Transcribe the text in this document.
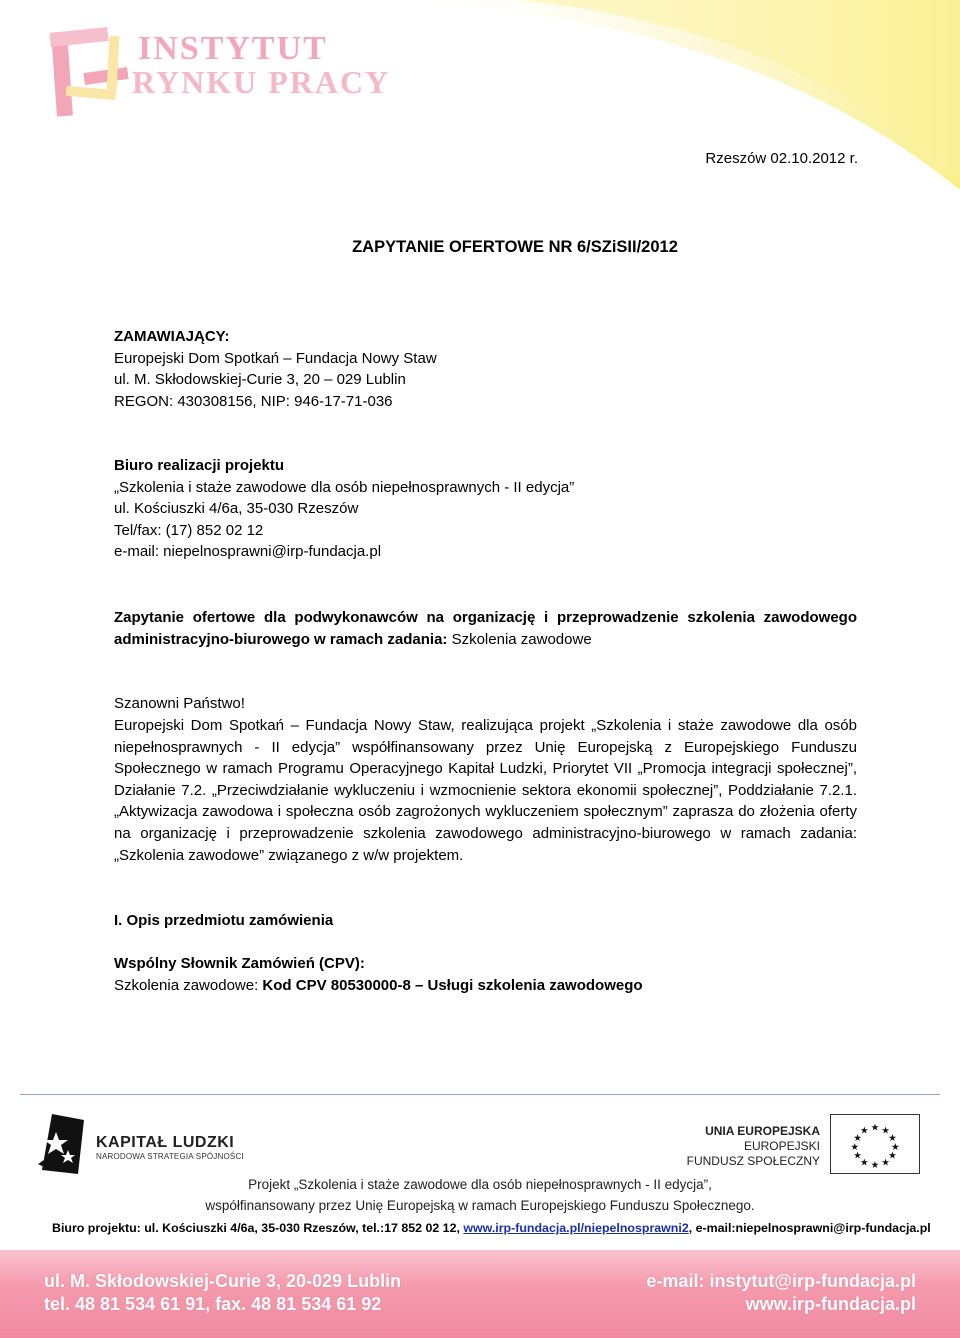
INSTYTUT
RYNKU PRACY
Rzeszów 02.10.2012 r.
ZAPYTANIE OFERTOWE NR 6/SZiSII/2012
ZAMAWIAJĄCY:
Europejski Dom Spotkań – Fundacja Nowy Staw
ul. M. Skłodowskiej-Curie 3, 20 – 029 Lublin
REGON: 430308156, NIP: 946-17-71-036
Biuro realizacji projektu
„Szkolenia i staże zawodowe dla osób niepełnosprawnych - II edycja”
ul. Kościuszki 4/6a, 35-030 Rzeszów
Tel/fax: (17) 852 02 12
e-mail: niepelnosprawni@irp-fundacja.pl
Zapytanie ofertowe dla podwykonawców na organizację i przeprowadzenie szkolenia zawodowego administracyjno-biurowego w ramach zadania: Szkolenia zawodowe
Szanowni Państwo!
Europejski Dom Spotkań – Fundacja Nowy Staw, realizująca projekt „Szkolenia i staże zawodowe dla osób niepełnosprawnych - II edycja” współfinansowany przez Unię Europejską z Europejskiego Funduszu Społecznego w ramach Programu Operacyjnego Kapitał Ludzki, Priorytet VII „Promocja integracji społecznej”, Działanie 7.2. „Przeciwdziałanie wykluczeniu i wzmocnienie sektora ekonomii społecznej”, Poddziałanie 7.2.1. „Aktywizacja zawodowa i społeczna osób zagrożonych wykluczeniem społecznym” zaprasza do złożenia oferty na organizację i przeprowadzenie szkolenia zawodowego administracyjno-biurowego w ramach zadania: „Szkolenia zawodowe” związanego z w/w projektem.
I. Opis przedmiotu zamówienia
Wspólny Słownik Zamówień (CPV):
Szkolenia zawodowe: Kod CPV 80530000-8 – Usługi szkolenia zawodowego
KAPITAŁ LUDZKI
NARODOWA STRATEGIA SPÓJNOŚCI
UNIA EUROPEJSKA
EUROPEJSKI
FUNDUSZ SPOŁECZNY
★ ★
★
★
★
★
★
★
★
★
★
★
Projekt „Szkolenia i staże zawodowe dla osób niepełnosprawnych - II edycja”,
współfinansowany przez Unię Europejską w ramach Europejskiego Funduszu Społecznego.
Biuro projektu: ul. Kościuszki 4/6a, 35-030 Rzeszów, tel.:17 852 02 12, www.irp-fundacja.pl/niepelnosprawni2, e-mail:niepelnosprawni@irp-fundacja.pl
ul. M. Skłodowskiej-Curie 3, 20-029 Lublin
tel. 48 81 534 61 91, fax. 48 81 534 61 92
e-mail: instytut@irp-fundacja.pl
www.irp-fundacja.pl
